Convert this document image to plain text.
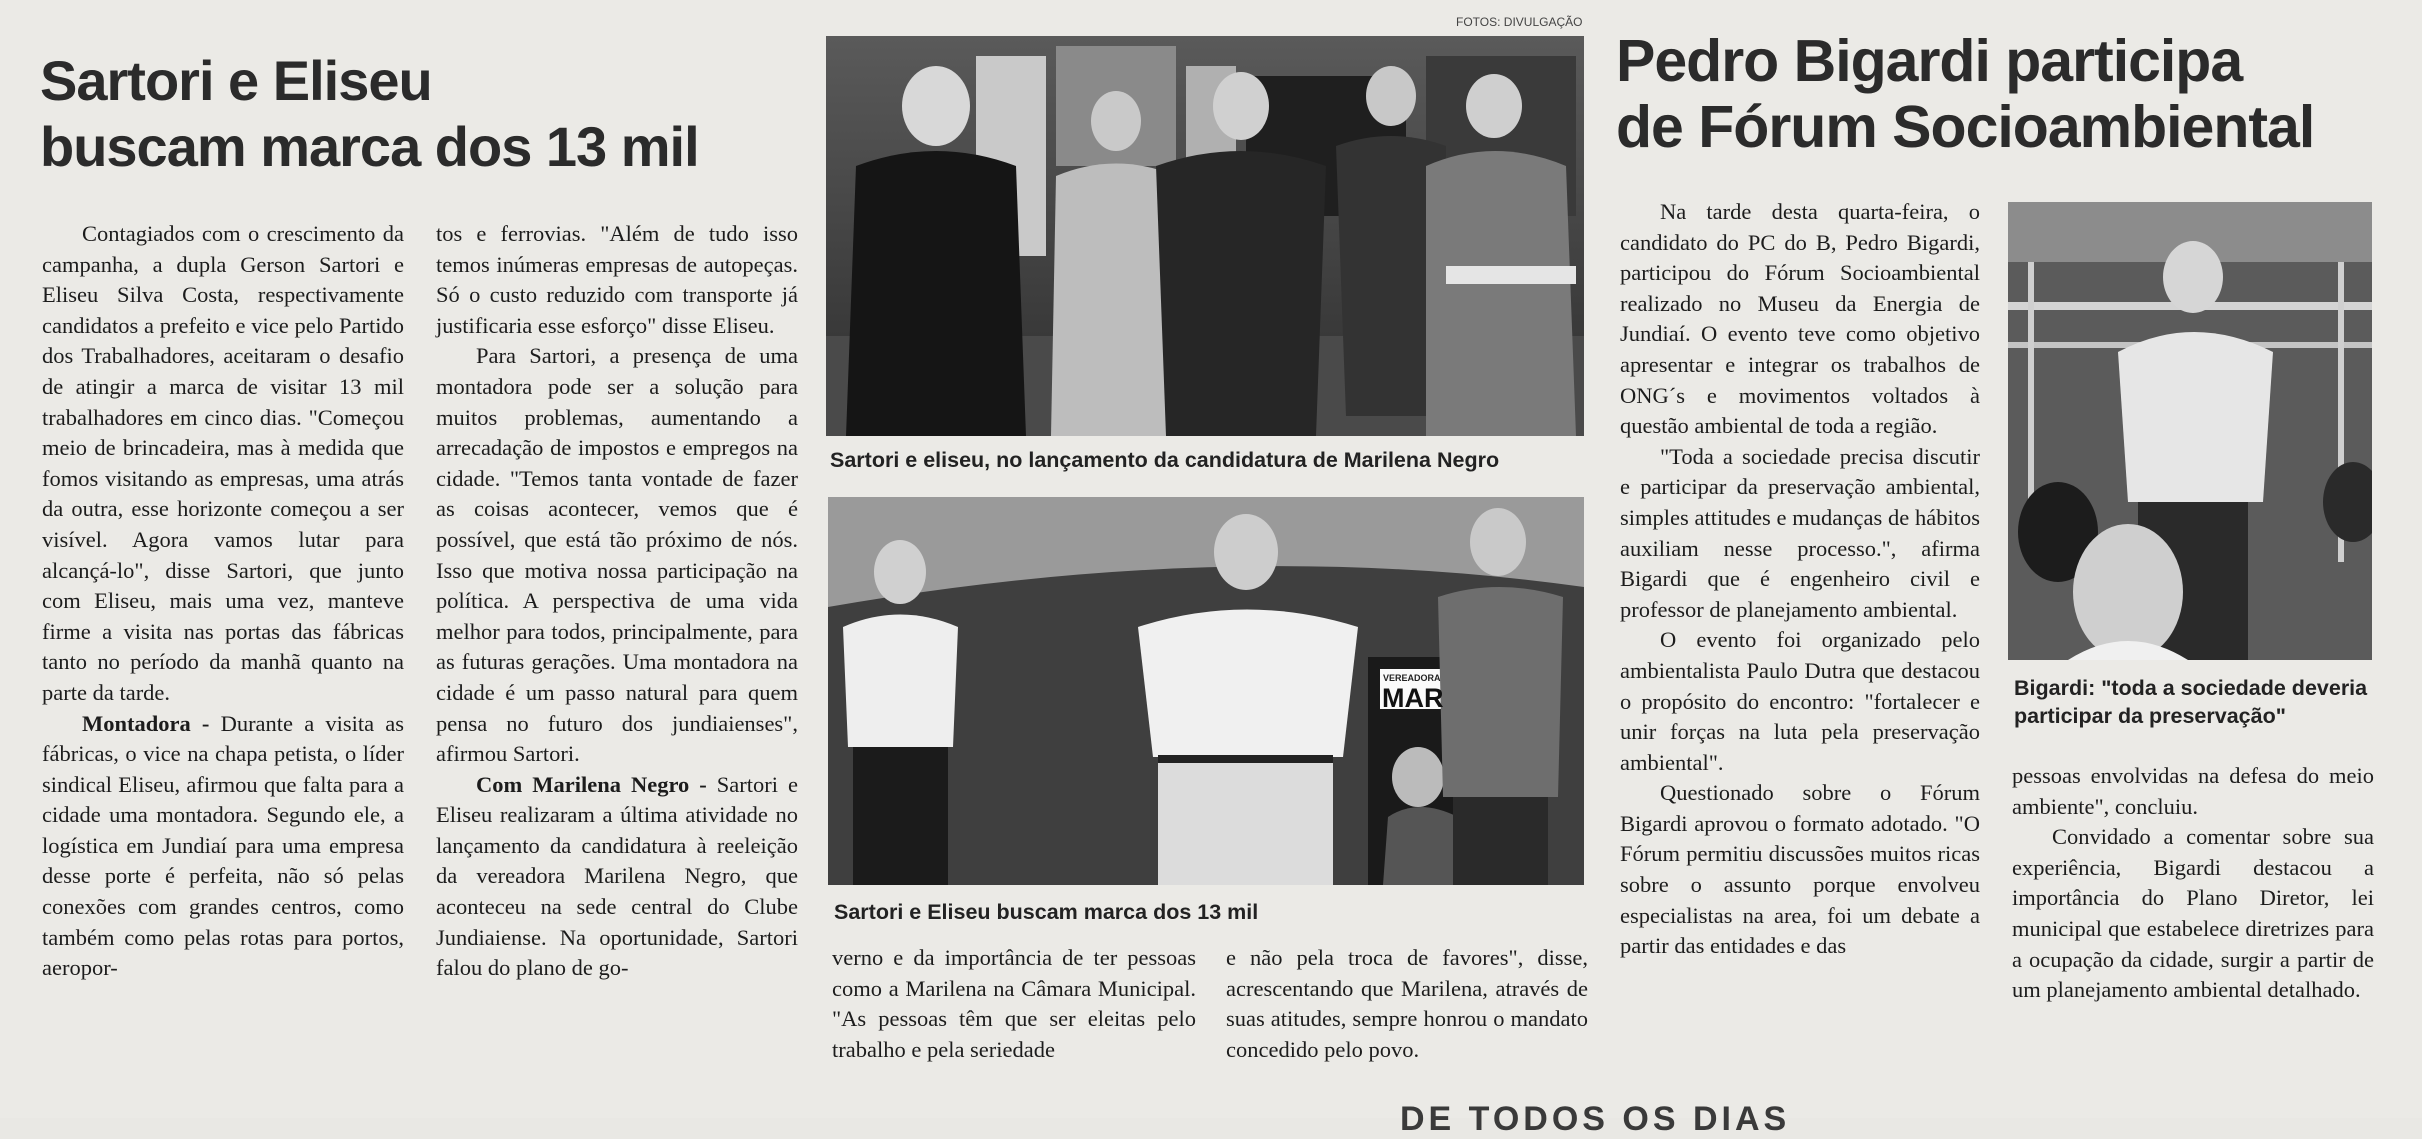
Sartori e Eliseu
buscam marca dos 13 mil

Contagiados com o crescimento da campanha, a dupla Gerson Sartori e Eliseu Silva Costa, respectivamente candidatos a prefeito e vice pelo Partido dos Trabalhadores, aceitaram o desafio de atingir a marca de visitar 13 mil trabalhadores em cinco dias. "Começou meio de brincadeira, mas à medida que fomos visitando as empresas, uma atrás da outra, esse horizonte começou a ser visível. Agora vamos lutar para alcançá-lo", disse Sartori, que junto com Eliseu, mais uma vez, manteve firme a visita nas portas das fábricas tanto no período da manhã quanto na parte da tarde.

Montadora - Durante a visita as fábricas, o vice na chapa petista, o líder sindical Eliseu, afirmou que falta para a cidade uma montadora. Segundo ele, a logística em Jundiaí para uma empresa desse porte é perfeita, não só pelas conexões com grandes centros, como também como pelas rotas para portos, aeropor-

tos e ferrovias. "Além de tudo isso temos inúmeras empresas de autopeças. Só o custo reduzido com transporte já justificaria esse esforço" disse Eliseu.

Para Sartori, a presença de uma montadora pode ser a solução para muitos problemas, aumentando a arrecadação de impostos e empregos na cidade. "Temos tanta vontade de fazer as coisas acontecer, vemos que é possível, que está tão próximo de nós. Isso que motiva nossa participação na política. A perspectiva de uma vida melhor para todos, principalmente, para as futuras gerações. Uma montadora na cidade é um passo natural para quem pensa no futuro dos jundiaienses", afirmou Sartori.

Com Marilena Negro - Sartori e Eliseu realizaram a última atividade no lançamento da candidatura à reeleição da vereadora Marilena Negro, que aconteceu na sede central do Clube Jundiaiense. Na oportunidade, Sartori falou do plano de go-

FOTOS: DIVULGAÇÃO

Sartori e eliseu, no lançamento da candidatura de Marilena Negro

VEREADORA
MAR

Sartori e Eliseu buscam marca dos 13 mil

verno e da importância de ter pessoas como a Marilena na Câmara Municipal. "As pessoas têm que ser eleitas pelo trabalho e pela seriedade

e não pela troca de favores", disse, acrescentando que Marilena, através de suas atitudes, sempre honrou o mandato concedido pelo povo.

Pedro Bigardi participa
de Fórum Socioambiental

Na tarde desta quarta-feira, o candidato do PC do B, Pedro Bigardi, participou do Fórum Socioambiental realizado no Museu da Energia de Jundiaí. O evento teve como objetivo apresentar e integrar os trabalhos de ONG´s e movimentos voltados à questão ambiental de toda a região.

"Toda a sociedade precisa discutir e participar da preservação ambiental, simples attitudes e mudanças de hábitos auxiliam nesse processo.", afirma Bigardi que é engenheiro civil e professor de planejamento ambiental.

O evento foi organizado pelo ambientalista Paulo Dutra que destacou o propósito do encontro: "fortalecer e unir forças na luta pela preservação ambiental".

Questionado sobre o Fórum Bigardi aprovou o formato adotado. "O Fórum permitiu discussões muitos ricas sobre o assunto porque envolveu especialistas na area, foi um debate a partir das entidades e das

Bigardi: "toda a sociedade deveria participar da preservação"

pessoas envolvidas na defesa do meio ambiente", concluiu.

Convidado a comentar sobre sua experiência, Bigardi destacou a importância do Plano Diretor, lei municipal que estabelece diretrizes para a ocupação da cidade, surgir a partir de um planejamento ambiental detalhado.

DE TODOS OS DIAS
